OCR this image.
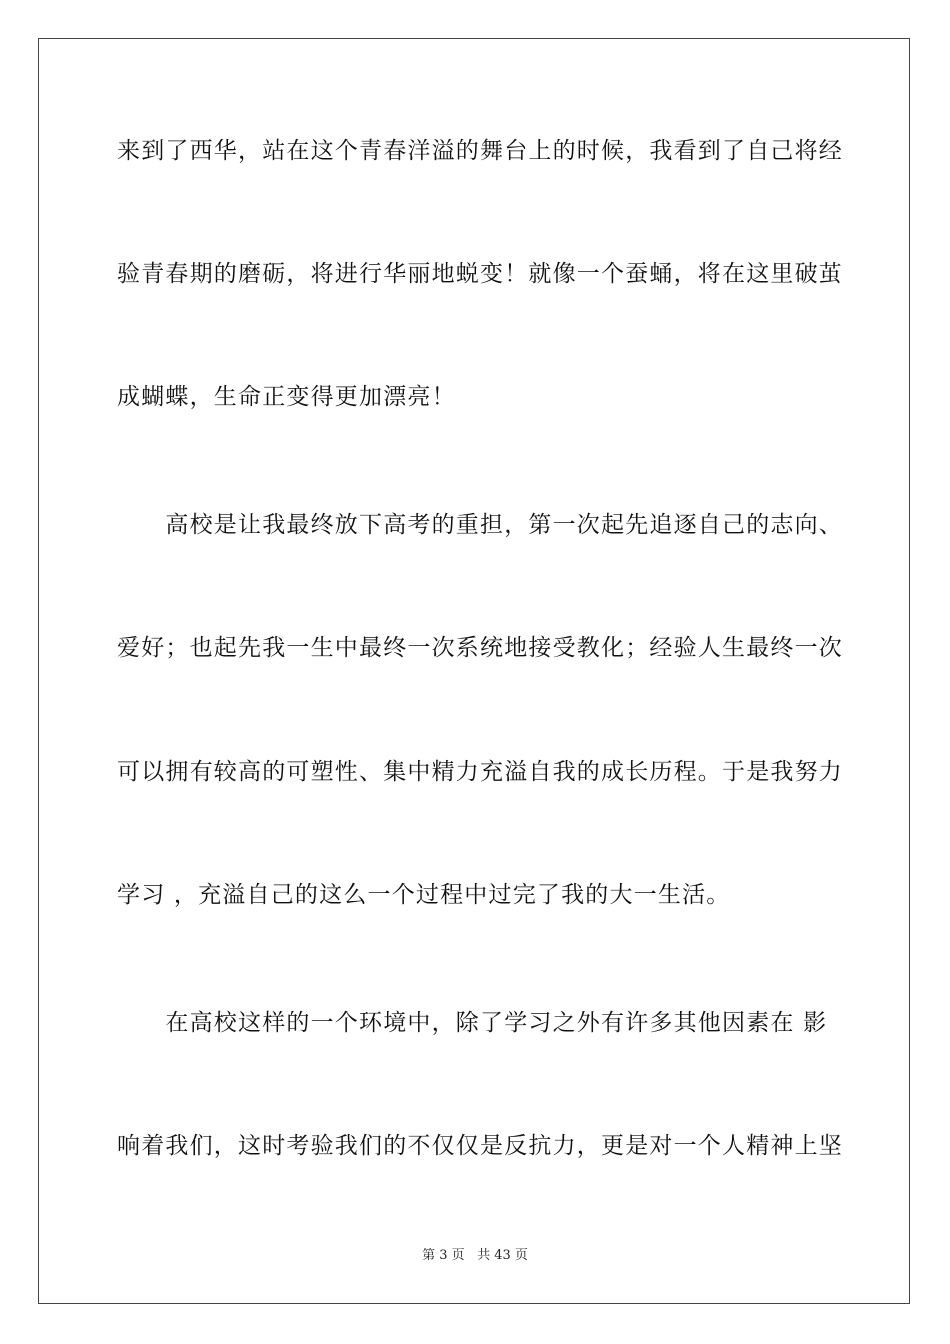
来到了西华，站在这个青春洋溢的舞台上的时候，我看到了自己将经
验青春期的磨砺，将进行华丽地蜕变！就像一个蚕蛹，将在这里破茧
成蝴蝶，生命正变得更加漂亮！
　　高校是让我最终放下高考的重担，第一次起先追逐自己的志向、
爱好；也起先我一生中最终一次系统地接受教化；经验人生最终一次
可以拥有较高的可塑性、集中精力充溢自我的成长历程。于是我努力
学习 ，充溢自己的这么一个过程中过完了我的大一生活。
　　在高校这样的一个环境中，除了学习之外有许多其他因素在 影
响着我们，这时考验我们的不仅仅是反抗力，更是对一个人精神上坚
第 3 页 共 43 页
